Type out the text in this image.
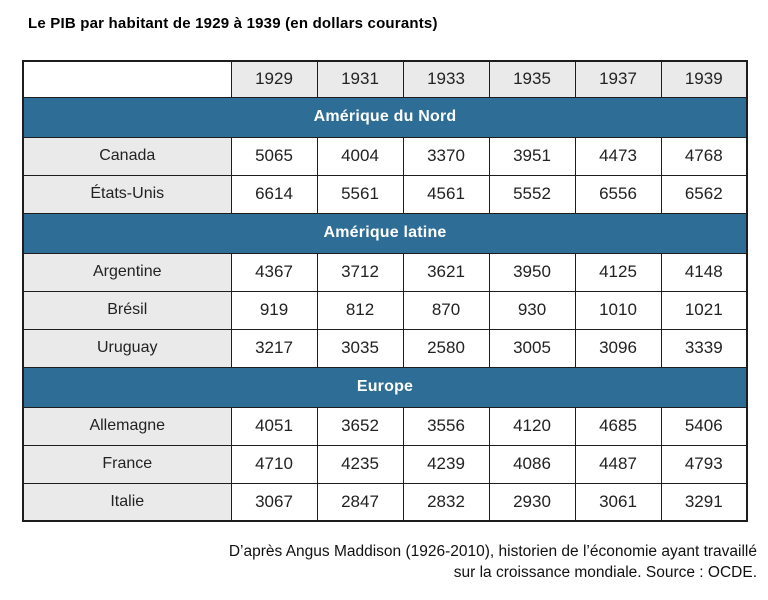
Le PIB par habitant de 1929 à 1939 (en dollars courants)
	1929	1931	1933	1935	1937	1939
Amérique du Nord						
Canada	5065	4004	3370	3951	4473	4768
États-Unis	6614	5561	4561	5552	6556	6562
Amérique latine						
Argentine	4367	3712	3621	3950	4125	4148
Brésil	919	812	870	930	1010	1021
Uruguay	3217	3035	2580	3005	3096	3339
Europe						
Allemagne	4051	3652	3556	4120	4685	5406
France	4710	4235	4239	4086	4487	4793
Italie	3067	2847	2832	2930	3061	3291
D’après Angus Maddison (1926-2010), historien de l’économie ayant travaillé
sur la croissance mondiale. Source : OCDE.
